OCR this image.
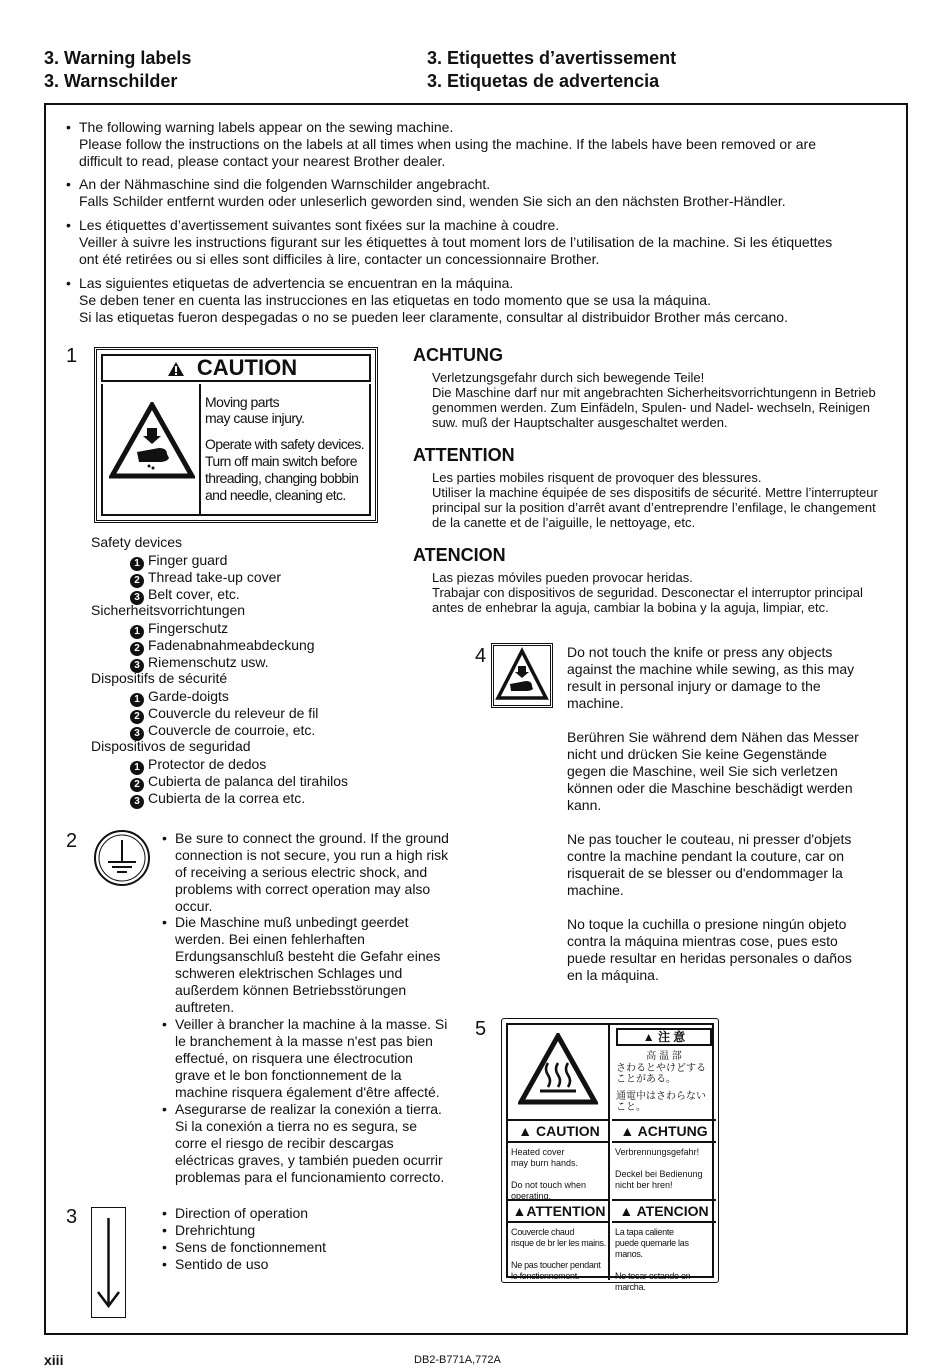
3. Warning labels
3. Warnschilder
3. Etiquettes d’avertissement
3. Etiquetas de advertencia
• The following warning labels appear on the sewing machine.
Please follow the instructions on the labels at all times when using the machine. If the labels have been removed or are difficult to read, please contact your nearest Brother dealer.
• An der Nähmaschine sind die folgenden Warnschilder angebracht.
Falls Schilder entfernt wurden oder unleserlich geworden sind, wenden Sie sich an den nächsten Brother-Händler.
• Les étiquettes d’avertissement suivantes sont fixées sur la machine à coudre.
Veiller à suivre les instructions figurant sur les étiquettes à tout moment lors de l’utilisation de la machine. Si les étiquettes ont été retirées ou si elles sont difficiles à lire, contacter un concessionnaire Brother.
• Las siguientes etiquetas de advertencia se encuentran en la máquina.
Se deben tener en cuenta las instrucciones en las etiquetas en todo momento que se usa la máquina.
Si las etiquetas fueron despegadas o no se pueden leer claramente, consultar al distribuidor Brother más cercano.
1	CAUTION
Moving parts
may cause injury.
Operate with safety devices. Turn off main switch before threading, changing bobbin and needle, cleaning etc.
Safety devices
1 Finger guard
2 Thread take-up cover
3 Belt cover, etc.
Sicherheitsvorrichtungen
1 Fingerschutz
2 Fadenabnahmeabdeckung
3 Riemenschutz usw.
Dispositifs de sécurité
1 Garde-doigts
2 Couvercle du releveur de fil
3 Couvercle de courroie, etc.
Dispositivos de seguridad
1 Protector de dedos
2 Cubierta de palanca del tirahilos
3 Cubierta de la correa etc.
ACHTUNG
Verletzungsgefahr durch sich bewegende Teile!
Die Maschine darf nur mit angebrachten Sicherheitsvorrichtungenn in Betrieb genommen werden. Zum Einfädeln, Spulen- und Nadel- wechseln, Reinigen suw. muß der Hauptschalter ausgeschaltet werden.
ATTENTION
Les parties mobiles risquent de provoquer des blessures.
Utiliser la machine équipée de ses dispositifs de sécurité. Mettre l’interrupteur principal sur la position d’arrêt avant d’entreprendre l’enfilage, le changement de la canette et de l’aiguille, le nettoyage, etc.
ATENCION
Las piezas móviles pueden provocar heridas.
Trabajar con dispositivos de seguridad. Desconectar el interruptor principal antes de enhebrar la aguja, cambiar la bobina y la aguja, limpiar, etc.
4	Do not touch the knife or press any objects against the machine while sewing, as this may result in personal injury or damage to the machine.
Berühren Sie während dem Nähen das Messer nicht und drücken Sie keine Gegenstände gegen die Maschine, weil Sie sich verletzen können oder die Maschine beschädigt werden kann.
Ne pas toucher le couteau, ni presser d'objets contre la machine pendant la couture, car on risquerait de se blesser ou d'endommager la machine.
No toque la cuchilla o presione ningún objeto contra la máquina mientras cose, pues esto puede resultar en heridas personales o daños en la máquina.
2	• Be sure to connect the ground. If the ground connection is not secure, you run a high risk of receiving a serious electric shock, and problems with correct operation may also occur.
• Die Maschine muß unbedingt geerdet werden. Bei einen fehlerhaften Erdungsanschluß besteht die Gefahr eines schweren elektrischen Schlages und außerdem können Betriebsstörungen auftreten.
• Veiller à brancher la machine à la masse. Si le branchement à la masse n'est pas bien effectué, on risquera une électrocution grave et le bon fonctionnement de la machine risquera également d'être affecté.
• Asegurarse de realizar la conexión a tierra. Si la conexión a tierra no es segura, se corre el riesgo de recibir descargas eléctricas graves, y también pueden ocurrir problemas para el funcionamiento correcto.
3	• Direction of operation
• Drehrichtung
• Sens de fonctionnement
• Sentido de uso
5	▲ 注 意
高 温 部
さわるとやけどする
ことがある。
通電中はさわらない
こと。
▲ CAUTION
Heated cover
may burn hands.

Do not touch when
operating.
▲ ACHTUNG
Verbrennungsgefahr!

Deckel bei Bedienung
nicht ber hren!
▲ATTENTION
Couvercle chaud
risque de br ler les mains.

Ne pas toucher pendant
le fonctionnement.
▲ ATENCION
La tapa caliente
puede quemarle las manos.

No tocar estando en
marcha.
xiii	DB2-B771A,772A
